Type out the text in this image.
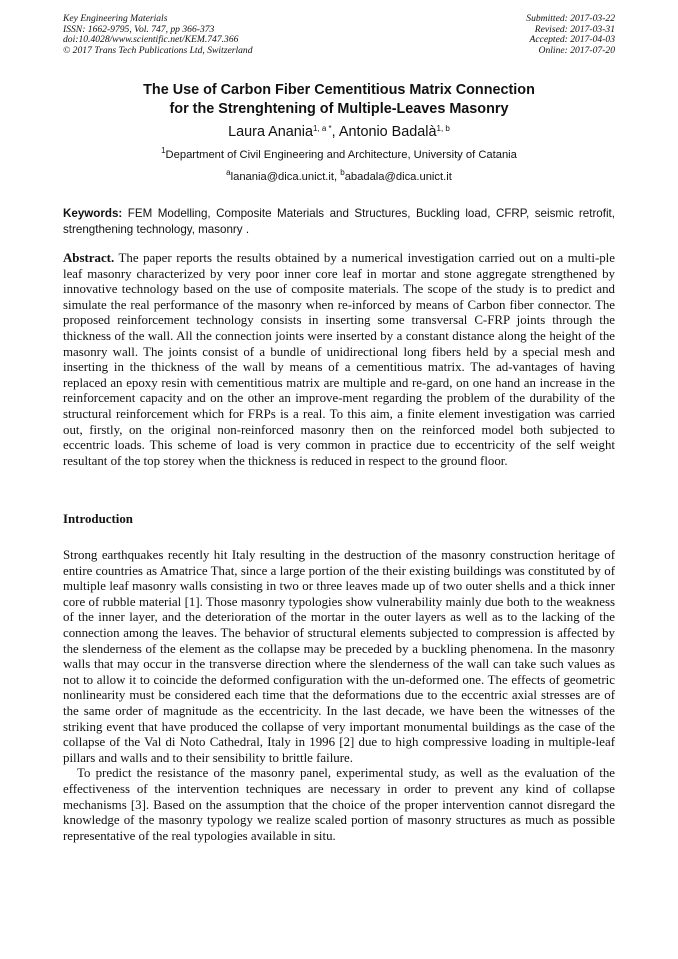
Key Engineering Materials
ISSN: 1662-9795, Vol. 747, pp 366-373
doi:10.4028/www.scientific.net/KEM.747.366
© 2017 Trans Tech Publications Ltd, Switzerland
Submitted: 2017-03-22
Revised: 2017-03-31
Accepted: 2017-04-03
Online: 2017-07-20
The Use of Carbon Fiber Cementitious Matrix Connection
for the Strenghtening of Multiple-Leaves Masonry
Laura Anania$^{1, a *}$, Antonio Badalà$^{1, b}$
$^1$Department of Civil Engineering and Architecture, University of Catania
$^a$lanania@dica.unict.it, $^b$abadala@dica.unict.it
Keywords: FEM Modelling, Composite Materials and Structures, Buckling load, CFRP, seismic retrofit, strengthening technology, masonry .
Abstract. The paper reports the results obtained by a numerical investigation carried out on a multi-ple leaf masonry characterized by very poor inner core leaf in mortar and stone aggregate strengthened by innovative technology based on the use of composite materials. The scope of the study is to predict and simulate the real performance of the masonry when re-inforced by means of Carbon fiber connector. The proposed reinforcement technology consists in inserting some transversal C-FRP joints through the thickness of the wall. All the connection joints were inserted by a constant distance along the height of the masonry wall. The joints consist of a bundle of unidirectional long fibers held by a special mesh and inserting in the thickness of the wall by means of a cementitious matrix. The ad-vantages of having replaced an epoxy resin with cementitious matrix are multiple and re-gard, on one hand an increase in the reinforcement capacity and on the other an improve-ment regarding the problem of the durability of the structural reinforcement which for FRPs is a real. To this aim, a finite element investigation was carried out, firstly, on the original non-reinforced masonry then on the reinforced model both subjected to eccentric loads. This scheme of load is very common in practice due to eccentricity of the self weight resultant of the top storey when the thickness is reduced in respect to the ground floor.
Introduction

Strong earthquakes recently hit Italy resulting in the destruction of the masonry construction heritage of entire countries as Amatrice That, since a large portion of the their existing buildings was constituted by of multiple leaf masonry walls consisting in two or three leaves made up of two outer shells and a thick inner core of rubble material [1]. Those masonry typologies show vulnerability mainly due both to the weakness of the inner layer, and the deterioration of the mortar in the outer layers as well as to the lacking of the connection among the leaves. The behavior of structural elements subjected to compression is affected by the slenderness of the element as the collapse may be preceded by a buckling phenomena. In the masonry walls that may occur in the transverse direction where the slenderness of the wall can take such values as not to allow it to coincide the deformed configuration with the un-deformed one. The effects of geometric nonlinearity must be considered each time that the deformations due to the eccentric axial stresses are of the same order of magnitude as the eccentricity. In the last decade, we have been the witnesses of the striking event that have produced the collapse of very important monumental buildings as the case of the collapse of the Val di Noto Cathedral, Italy in 1996 [2] due to high compressive loading in multiple-leaf pillars and walls and to their sensibility to brittle failure.

To predict the resistance of the masonry panel, experimental study, as well as the evaluation of the effectiveness of the intervention techniques are necessary in order to prevent any kind of collapse mechanisms [3]. Based on the assumption that the choice of the proper intervention cannot disregard the knowledge of the masonry typology we realize scaled portion of masonry structures as much as possible representative of the real typologies available in situ.
